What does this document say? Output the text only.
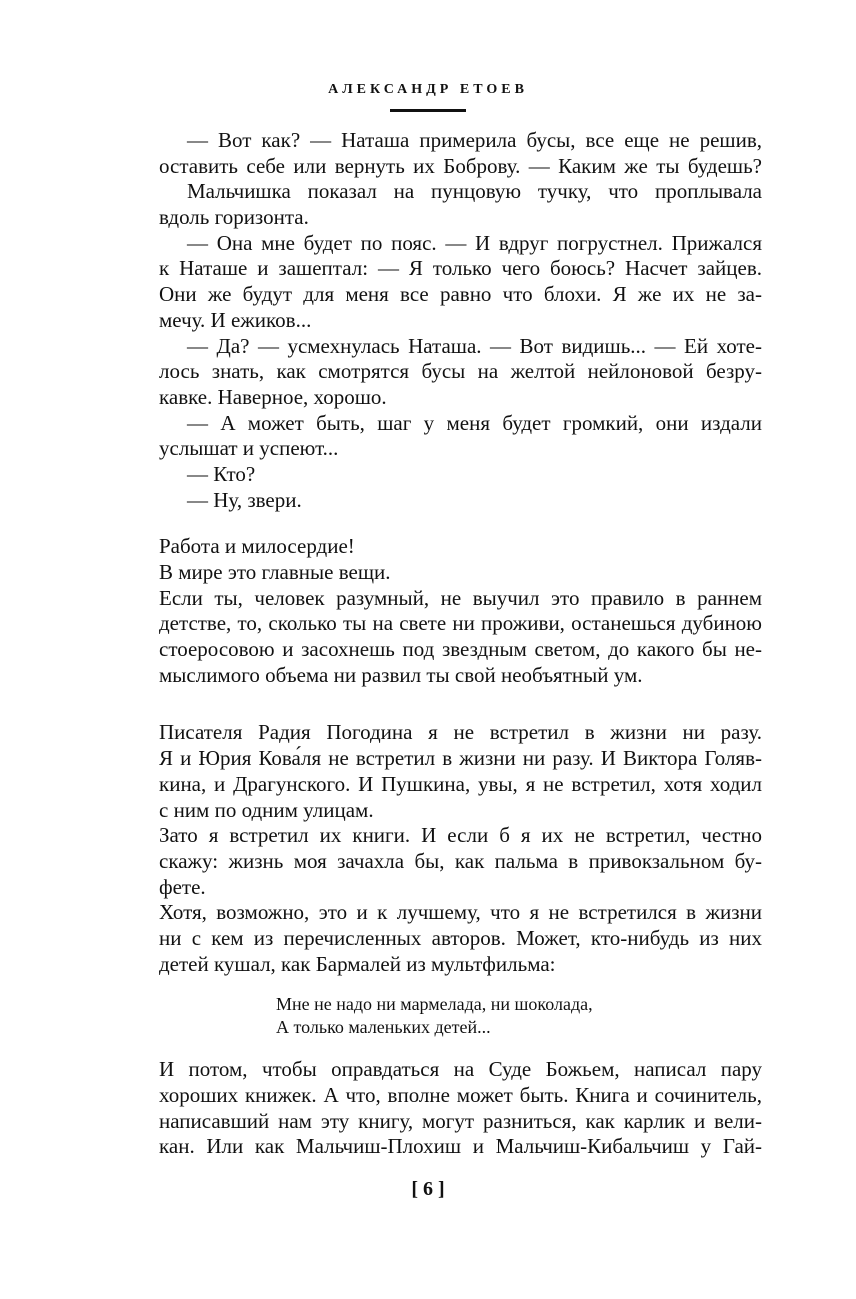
АЛЕКСАНДР ЕТОЕВ
— Вот как? — Наташа примерила бусы, все еще не решив,
оставить себе или вернуть их Боброву. — Каким же ты будешь?
Мальчишка показал на пунцовую тучку, что проплывала
вдоль горизонта.
— Она мне будет по пояс. — И вдруг погрустнел. Прижался
к Наташе и зашептал: — Я только чего боюсь? Насчет зайцев.
Они же будут для меня все равно что блохи. Я же их не за-
мечу. И ежиков...
— Да? — усмехнулась Наташа. — Вот видишь... — Ей хоте-
лось знать, как смотрятся бусы на желтой нейлоновой безру-
кавке. Наверное, хорошо.
— А может быть, шаг у меня будет громкий, они издали
услышат и успеют...
— Кто?
— Ну, звери.
Работа и милосердие!
В мире это главные вещи.
Если ты, человек разумный, не выучил это правило в раннем
детстве, то, сколько ты на свете ни проживи, останешься дубиною
стоеросовою и засохнешь под звездным светом, до какого бы не-
мыслимого объема ни развил ты свой необъятный ум.
Писателя Радия Погодина я не встретил в жизни ни разу.
Я и Юрия Кова́ля не встретил в жизни ни разу. И Виктора Голяв-
кина, и Драгунского. И Пушкина, увы, я не встретил, хотя ходил
с ним по одним улицам.
Зато я встретил их книги. И если б я их не встретил, честно
скажу: жизнь моя зачахла бы, как пальма в привокзальном бу-
фете.
Хотя, возможно, это и к лучшему, что я не встретился в жизни
ни с кем из перечисленных авторов. Может, кто-нибудь из них
детей кушал, как Бармалей из мультфильма:
Мне не надо ни мармелада, ни шоколада,
А только маленьких детей...
И потом, чтобы оправдаться на Суде Божьем, написал пару
хороших книжек. А что, вполне может быть. Книга и сочинитель,
написавший нам эту книгу, могут разниться, как карлик и вели-
кан. Или как Мальчиш-Плохиш и Мальчиш-Кибальчиш у Гай-
[ 6 ]
